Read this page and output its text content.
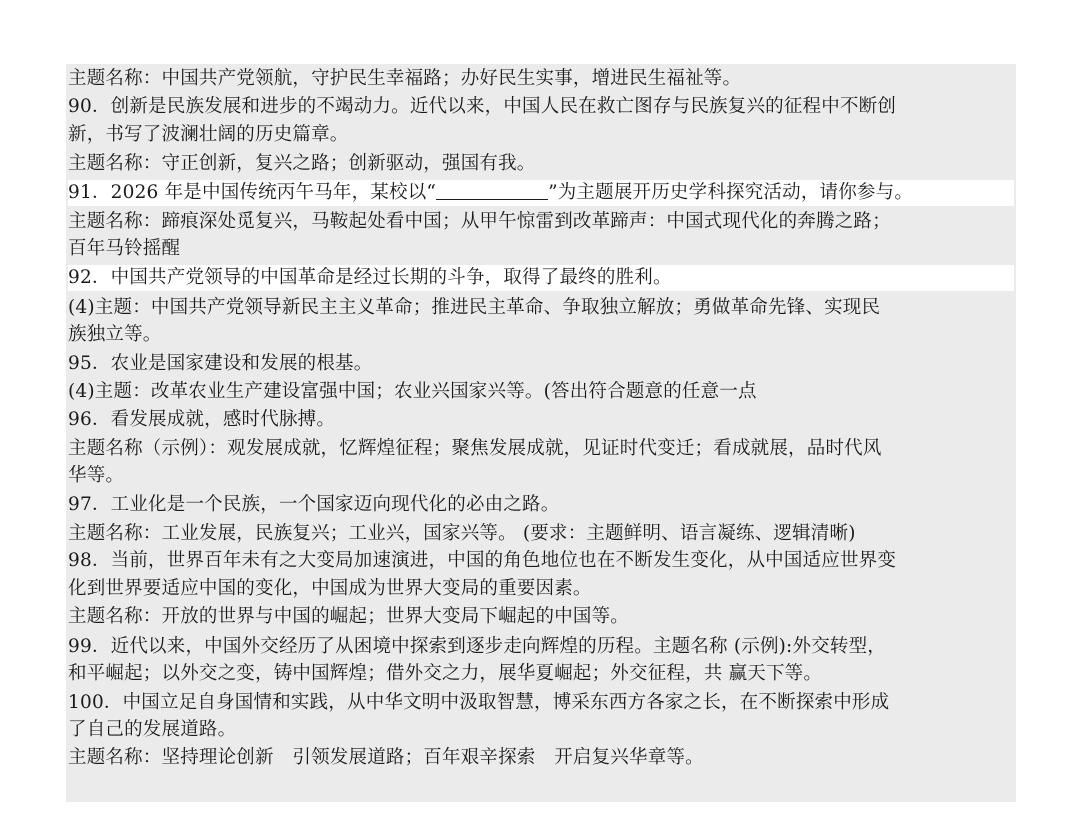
主题名称：中国共产党领航，守护民生幸福路；办好民生实事，增进民生福祉等。
90．创新是民族发展和进步的不竭动力。近代以来，中国人民在救亡图存与民族复兴的征程中不断创
新，书写了波澜壮阔的历史篇章。
主题名称：守正创新，复兴之路；创新驱动，强国有我。
91．2026 年是中国传统丙午马年，某校以“	”为主题展开历史学科探究活动，请你参与。
主题名称：蹄痕深处觅复兴，马鞍起处看中国；从甲午惊雷到改革蹄声：中国式现代化的奔腾之路；
百年马铃摇醒
92．中国共产党领导的中国革命是经过长期的斗争，取得了最终的胜利。
(4)主题：中国共产党领导新民主主义革命；推进民主革命、争取独立解放；勇做革命先锋、实现民
族独立等。
95．农业是国家建设和发展的根基。
(4)主题：改革农业生产建设富强中国；农业兴国家兴等。(答出符合题意的任意一点
96．看发展成就，感时代脉搏。
主题名称（示例）：观发展成就，忆辉煌征程；聚焦发展成就，见证时代变迁；看成就展，品时代风
华等。
97．工业化是一个民族，一个国家迈向现代化的必由之路。
主题名称：工业发展，民族复兴；工业兴，国家兴等。 (要求：主题鲜明、语言凝练、逻辑清晰)
98．当前，世界百年未有之大变局加速演进，中国的角色地位也在不断发生变化，从中国适应世界变
化到世界要适应中国的变化，中国成为世界大变局的重要因素。
主题名称：开放的世界与中国的崛起；世界大变局下崛起的中国等。
99．近代以来，中国外交经历了从困境中探索到逐步走向辉煌的历程。主题名称 (示例):外交转型，
和平崛起；以外交之变，铸中国辉煌；借外交之力，展华夏崛起；外交征程，共 赢天下等。
100．中国立足自身国情和实践，从中华文明中汲取智慧，博采东西方各家之长，在不断探索中形成
了自己的发展道路。
主题名称：坚持理论创新　引领发展道路；百年艰辛探索　开启复兴华章等。
